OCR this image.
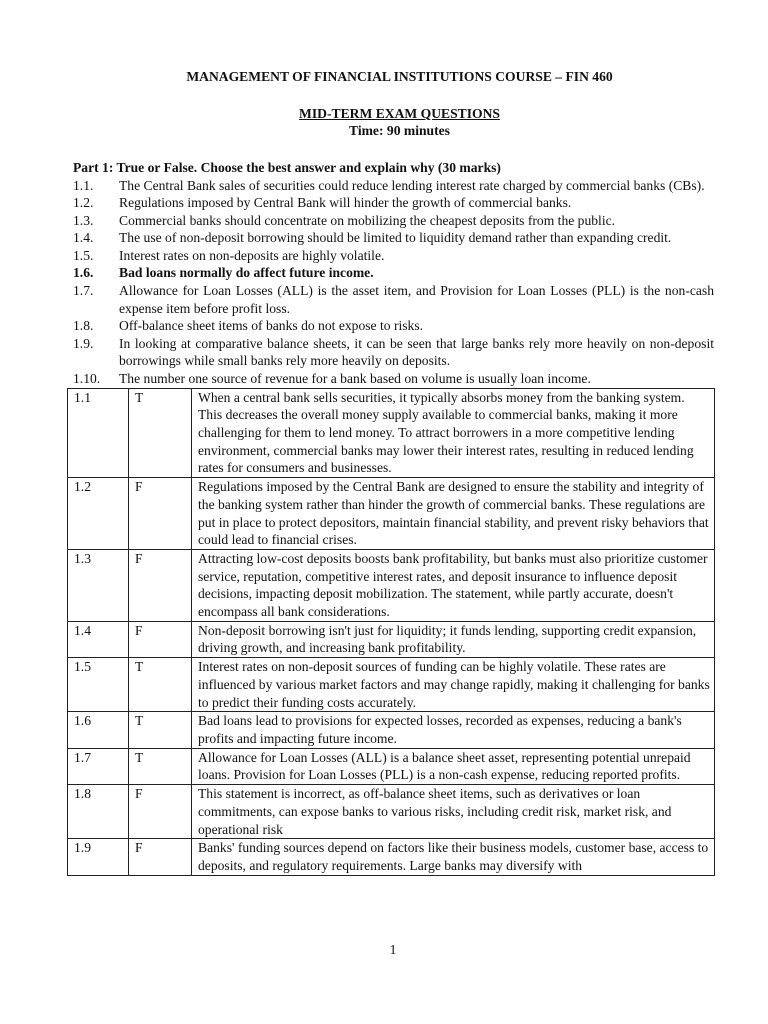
MANAGEMENT OF FINANCIAL INSTITUTIONS COURSE – FIN 460
MID-TERM EXAM QUESTIONS
Time: 90 minutes
Part 1: True or False. Choose the best answer and explain why (30 marks)
1.1.	The Central Bank sales of securities could reduce lending interest rate charged by commercial banks (CBs).
1.2.	Regulations imposed by Central Bank will hinder the growth of commercial banks.
1.3.	Commercial banks should concentrate on mobilizing the cheapest deposits from the public.
1.4.	The use of non-deposit borrowing should be limited to liquidity demand rather than expanding credit.
1.5.	Interest rates on non-deposits are highly volatile.
1.6.	Bad loans normally do affect future income.
1.7.	Allowance for Loan Losses (ALL) is the asset item, and Provision for Loan Losses (PLL) is the non-cash expense item before profit loss.
1.8.	Off-balance sheet items of banks do not expose to risks.
1.9.	In looking at comparative balance sheets, it can be seen that large banks rely more heavily on non-deposit borrowings while small banks rely more heavily on deposits.
1.10.	The number one source of revenue for a bank based on volume is usually loan income.
1.1	T	When a central bank sells securities, it typically absorbs money from the banking system. This decreases the overall money supply available to commercial banks, making it more challenging for them to lend money. To attract borrowers in a more competitive lending environment, commercial banks may lower their interest rates, resulting in reduced lending rates for consumers and businesses.
1.2	F	Regulations imposed by the Central Bank are designed to ensure the stability and integrity of the banking system rather than hinder the growth of commercial banks. These regulations are put in place to protect depositors, maintain financial stability, and prevent risky behaviors that could lead to financial crises.
1.3	F	Attracting low-cost deposits boosts bank profitability, but banks must also prioritize customer service, reputation, competitive interest rates, and deposit insurance to influence deposit decisions, impacting deposit mobilization. The statement, while partly accurate, doesn't encompass all bank considerations.
1.4	F	Non-deposit borrowing isn't just for liquidity; it funds lending, supporting credit expansion, driving growth, and increasing bank profitability.
1.5	T	Interest rates on non-deposit sources of funding can be highly volatile. These rates are influenced by various market factors and may change rapidly, making it challenging for banks to predict their funding costs accurately.
1.6	T	Bad loans lead to provisions for expected losses, recorded as expenses, reducing a bank's profits and impacting future income.
1.7	T	Allowance for Loan Losses (ALL) is a balance sheet asset, representing potential unrepaid loans. Provision for Loan Losses (PLL) is a non-cash expense, reducing reported profits.
1.8	F	This statement is incorrect, as off-balance sheet items, such as derivatives or loan commitments, can expose banks to various risks, including credit risk, market risk, and operational risk
1.9	F	Banks' funding sources depend on factors like their business models, customer base, access to deposits, and regulatory requirements. Large banks may diversify with
1
